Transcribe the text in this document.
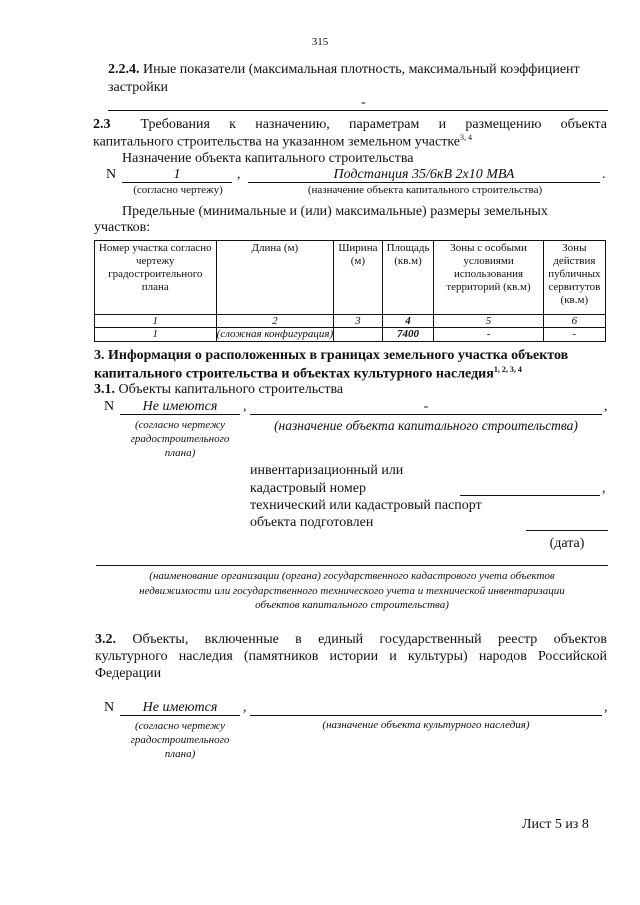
315
2.2.4. Иные показатели (максимальная плотность, максимальный коэффициент
застройки
-
2.3 Требования к назначению, параметрам и размещению объекта
капитального строительства на указанном земельном участке$^{3, 4}$
Назначение объекта капитального строительства
N	1	,	Подстанция 35/6кВ 2х10 МВА	.
(согласно чертежу)	(назначение объекта капитального строительства)
Предельные (минимальные и (или) максимальные) размеры земельных
участков:
Номер участка согласно чертежу градостроительного плана	Длина (м)	Ширина (м)	Площадь (кв.м)	Зоны с особыми условиями использования территорий (кв.м)	Зоны действия публичных сервитутов (кв.м)
1	2	3	4	5	6
1	(сложная конфигурация)		7400	-	-
3. Информация о расположенных в границах земельного участка объектов
капитального строительства и объектах культурного наследия$^{1, 2, 3, 4}$
3.1. Объекты капитального строительства
N	Не имеются	,	-	,
(согласно чертежу
градостроительного
плана)
(назначение объекта капитального строительства)
инвентаризационный или
кадастровый номер	,
технический или кадастровый паспорт
объекта подготовлен
(дата)
(наименование организации (органа) государственного кадастрового учета объектов
недвижимости или государственного технического учета и технической инвентаризации
объектов капитального строительства)
3.2. Объекты, включенные в единый государственный реестр объектов
культурного наследия (памятников истории и культуры) народов Российской
Федерации
N	Не имеются	,	,
(согласно чертежу
градостроительного
плана)
(назначение объекта культурного наследия)
Лист 5 из 8
